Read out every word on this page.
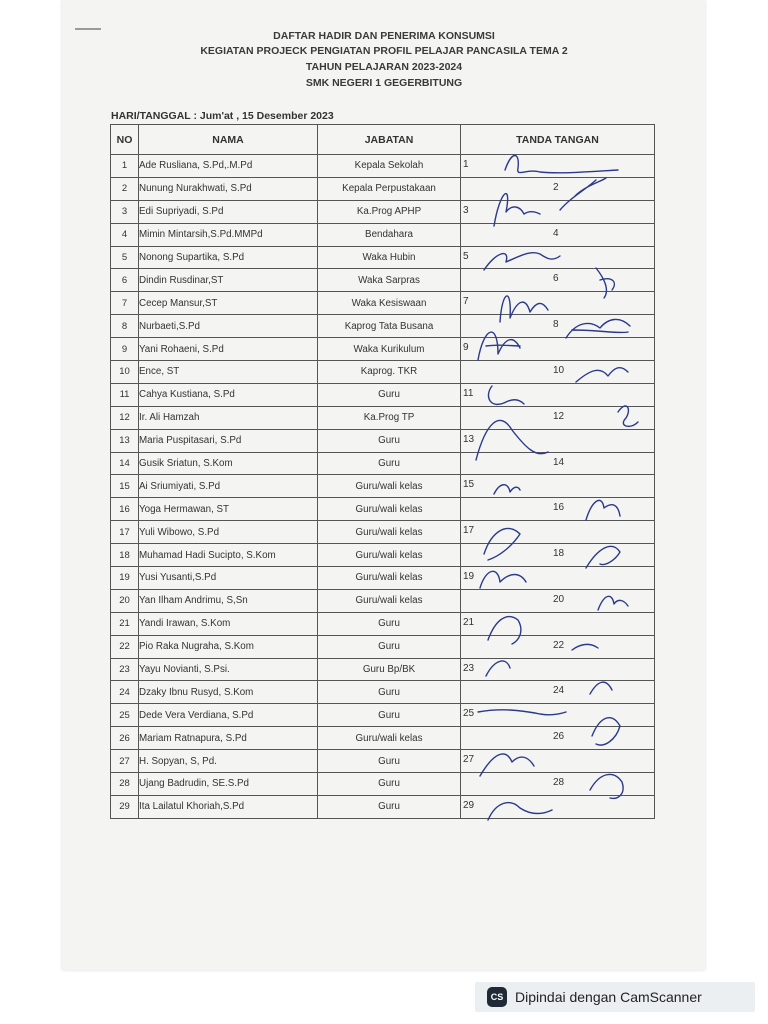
DAFTAR HADIR DAN PENERIMA KONSUMSI
KEGIATAN PROJECK PENGIATAN PROFIL PELAJAR PANCASILA TEMA 2
TAHUN PELAJARAN 2023-2024
SMK NEGERI 1 GEGERBITUNG
HARI/TANGGAL : Jum'at , 15 Desember 2023
NO	NAMA	JABATAN	TANDA TANGAN
1	Ade Rusliana, S.Pd,.M.Pd	Kepala Sekolah	1

2	Nunung Nurakhwati, S.Pd	Kepala Perpustakaan	2

3	Edi Supriyadi, S.Pd	Ka.Prog APHP	3

4	Mimin Mintarsih,S.Pd.MMPd	Bendahara	4

5	Nonong Supartika, S.Pd	Waka Hubin	5

6	Dindin Rusdinar,ST	Waka Sarpras	6

7	Cecep Mansur,ST	Waka Kesiswaan	7

8	Nurbaeti,S.Pd	Kaprog Tata Busana	8

9	Yani Rohaeni, S.Pd	Waka Kurikulum	9

10	Ence, ST	Kaprog. TKR	10

11	Cahya Kustiana, S.Pd	Guru	11

12	Ir. Ali Hamzah	Ka.Prog TP	12

13	Maria Puspitasari, S.Pd	Guru	13

14	Gusik Sriatun, S.Kom	Guru	14

15	Ai Sriumiyati, S.Pd	Guru/wali kelas	15

16	Yoga Hermawan, ST	Guru/wali kelas	16

17	Yuli Wibowo, S.Pd	Guru/wali kelas	17

18	Muhamad Hadi Sucipto, S.Kom	Guru/wali kelas	18

19	Yusi Yusanti,S.Pd	Guru/wali kelas	19

20	Yan Ilham Andrimu, S,Sn	Guru/wali kelas	20

21	Yandi Irawan, S.Kom	Guru	21

22	Pio Raka Nugraha, S.Kom	Guru	22

23	Yayu Novianti, S.Psi.	Guru Bp/BK	23

24	Dzaky Ibnu Rusyd, S.Kom	Guru	24

25	Dede Vera Verdiana, S.Pd	Guru	25

26	Mariam Ratnapura, S.Pd	Guru/wali kelas	26

27	H. Sopyan, S, Pd.	Guru	27

28	Ujang Badrudin, SE.S.Pd	Guru	28

29	Ita Lailatul Khoriah,S.Pd	Guru	29
CS Dipindai dengan CamScanner
